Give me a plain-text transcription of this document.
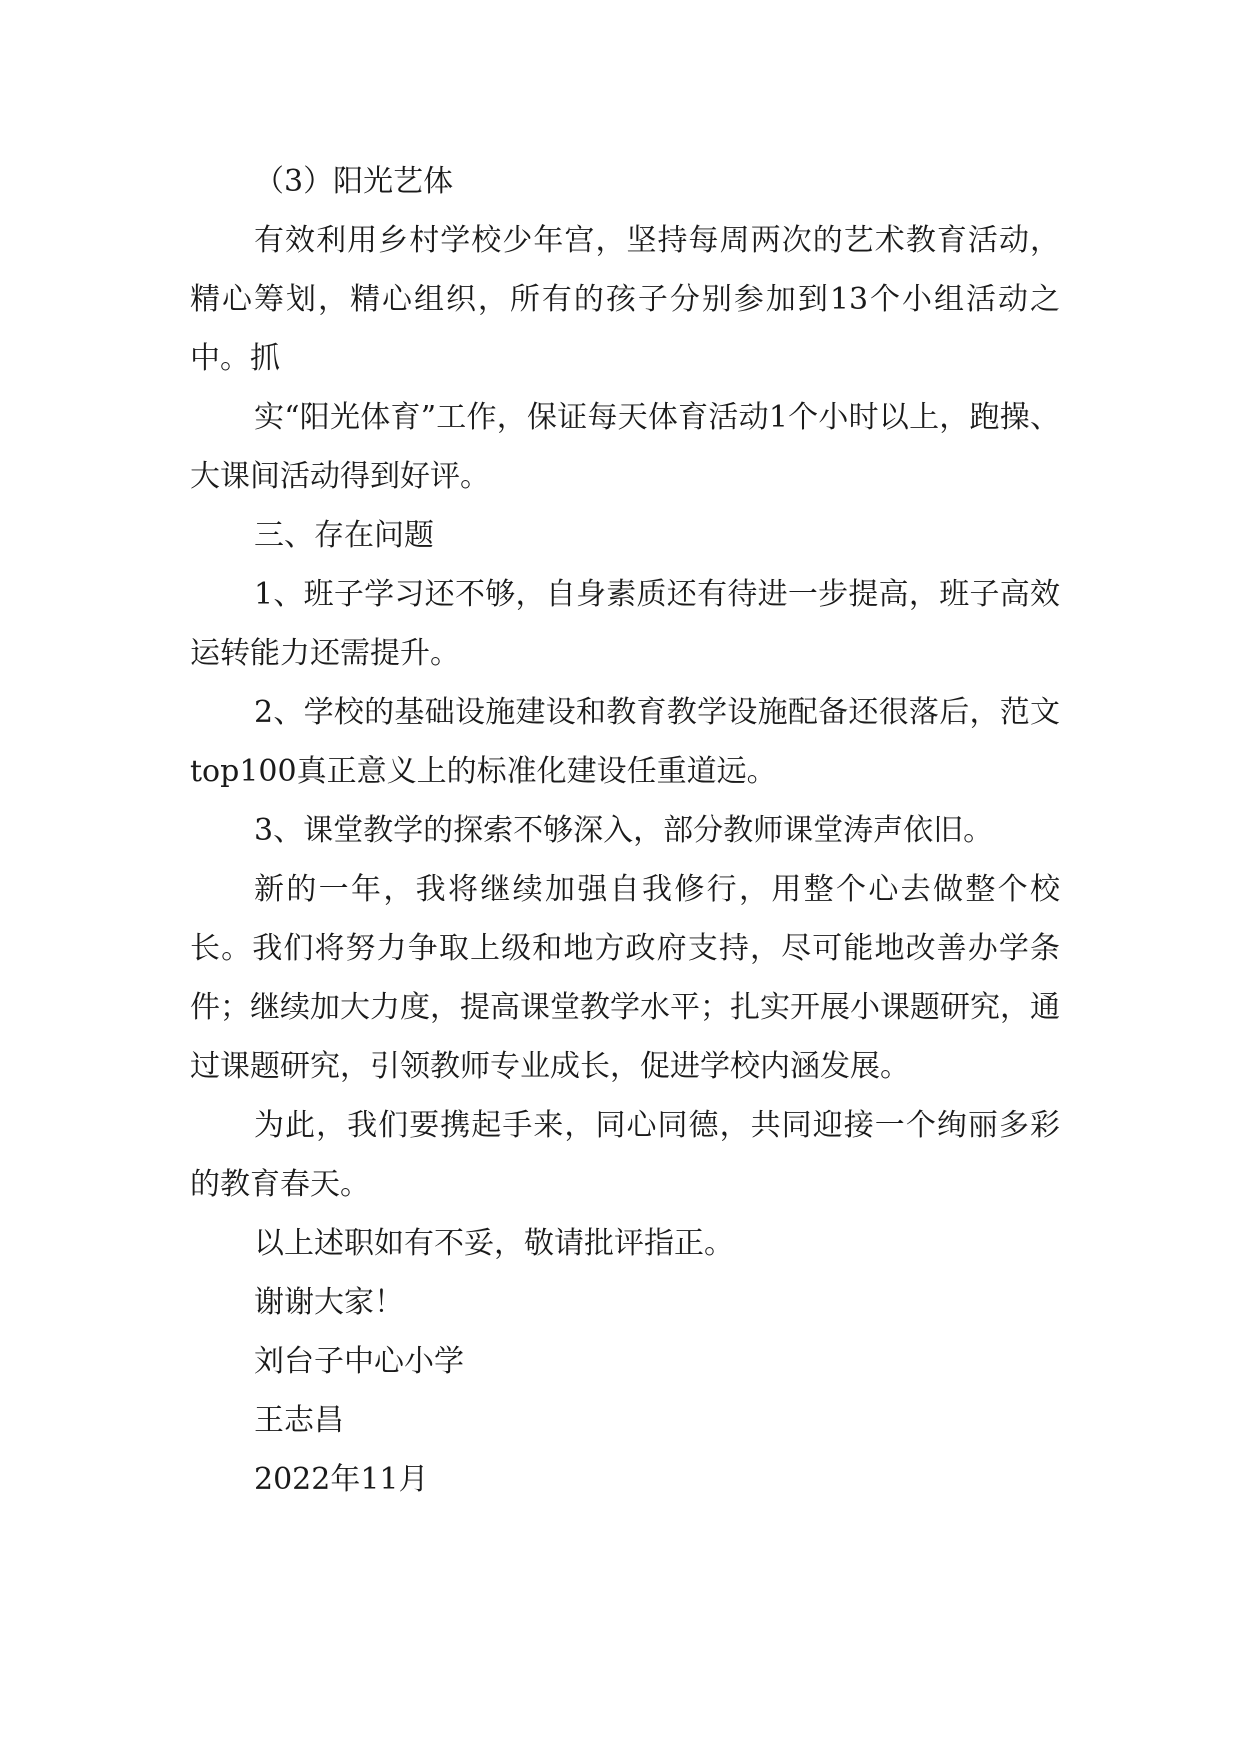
（3）阳光艺体

有效利用乡村学校少年宫，坚持每周两次的艺术教育活动，精心筹划，精心组织，所有的孩子分别参加到13个小组活动之中。抓

实“阳光体育”工作，保证每天体育活动1个小时以上，跑操、大课间活动得到好评。

三、存在问题

1、班子学习还不够，自身素质还有待进一步提高，班子高效运转能力还需提升。

2、学校的基础设施建设和教育教学设施配备还很落后，范文top100真正意义上的标准化建设任重道远。

3、课堂教学的探索不够深入，部分教师课堂涛声依旧。

新的一年，我将继续加强自我修行，用整个心去做整个校长。我们将努力争取上级和地方政府支持，尽可能地改善办学条件；继续加大力度，提高课堂教学水平；扎实开展小课题研究，通过课题研究，引领教师专业成长，促进学校内涵发展。

为此，我们要携起手来，同心同德，共同迎接一个绚丽多彩的教育春天。

以上述职如有不妥，敬请批评指正。

谢谢大家！
刘台子中心小学
王志昌
2022年11月
